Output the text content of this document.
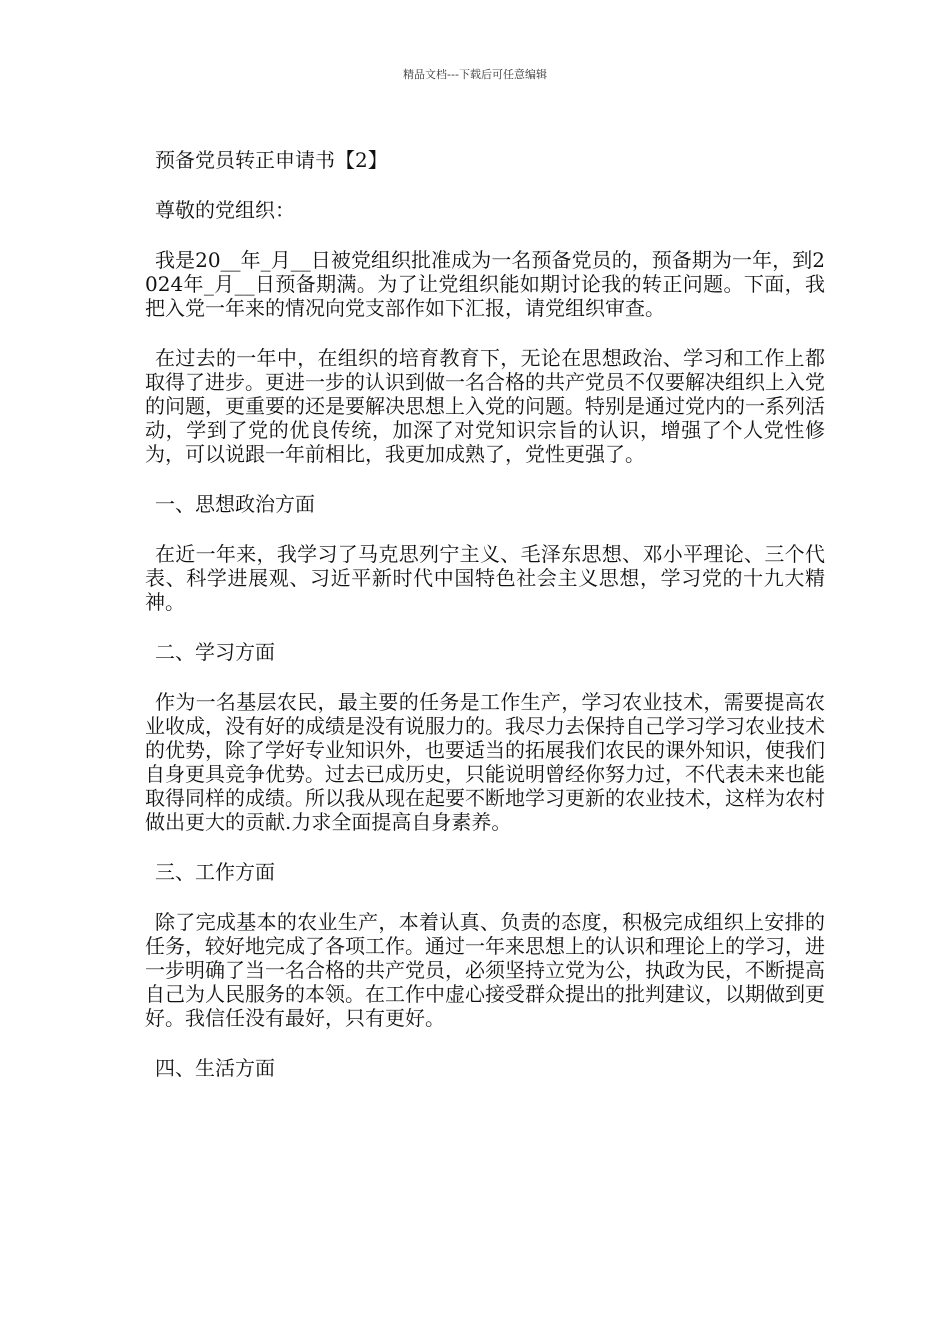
精品文档---下载后可任意编辑

预备党员转正申请书【2】

尊敬的党组织：

我是20__年_月__日被党组织批准成为一名预备党员的，预备期为一年，到2024年_月__日预备期满。为了让党组织能如期讨论我的转正问题。下面，我把入党一年来的情况向党支部作如下汇报，请党组织审查。

在过去的一年中，在组织的培育教育下，无论在思想政治、学习和工作上都取得了进步。更进一步的认识到做一名合格的共产党员不仅要解决组织上入党的问题，更重要的还是要解决思想上入党的问题。特别是通过党内的一系列活动，学到了党的优良传统，加深了对党知识宗旨的认识，增强了个人党性修为，可以说跟一年前相比，我更加成熟了，党性更强了。

一、思想政治方面

在近一年来，我学习了马克思列宁主义、毛泽东思想、邓小平理论、三个代表、科学进展观、习近平新时代中国特色社会主义思想，学习党的十九大精神。

二、学习方面

作为一名基层农民，最主要的任务是工作生产，学习农业技术，需要提高农业收成，没有好的成绩是没有说服力的。我尽力去保持自己学习学习农业技术的优势，除了学好专业知识外，也要适当的拓展我们农民的课外知识，使我们自身更具竞争优势。过去已成历史，只能说明曾经你努力过，不代表未来也能取得同样的成绩。所以我从现在起要不断地学习更新的农业技术，这样为农村做出更大的贡献.力求全面提高自身素养。

三、工作方面

除了完成基本的农业生产，本着认真、负责的态度，积极完成组织上安排的任务，较好地完成了各项工作。通过一年来思想上的认识和理论上的学习，进一步明确了当一名合格的共产党员，必须坚持立党为公，执政为民，不断提高自己为人民服务的本领。在工作中虚心接受群众提出的批判建议，以期做到更好。我信任没有最好，只有更好。

四、生活方面
